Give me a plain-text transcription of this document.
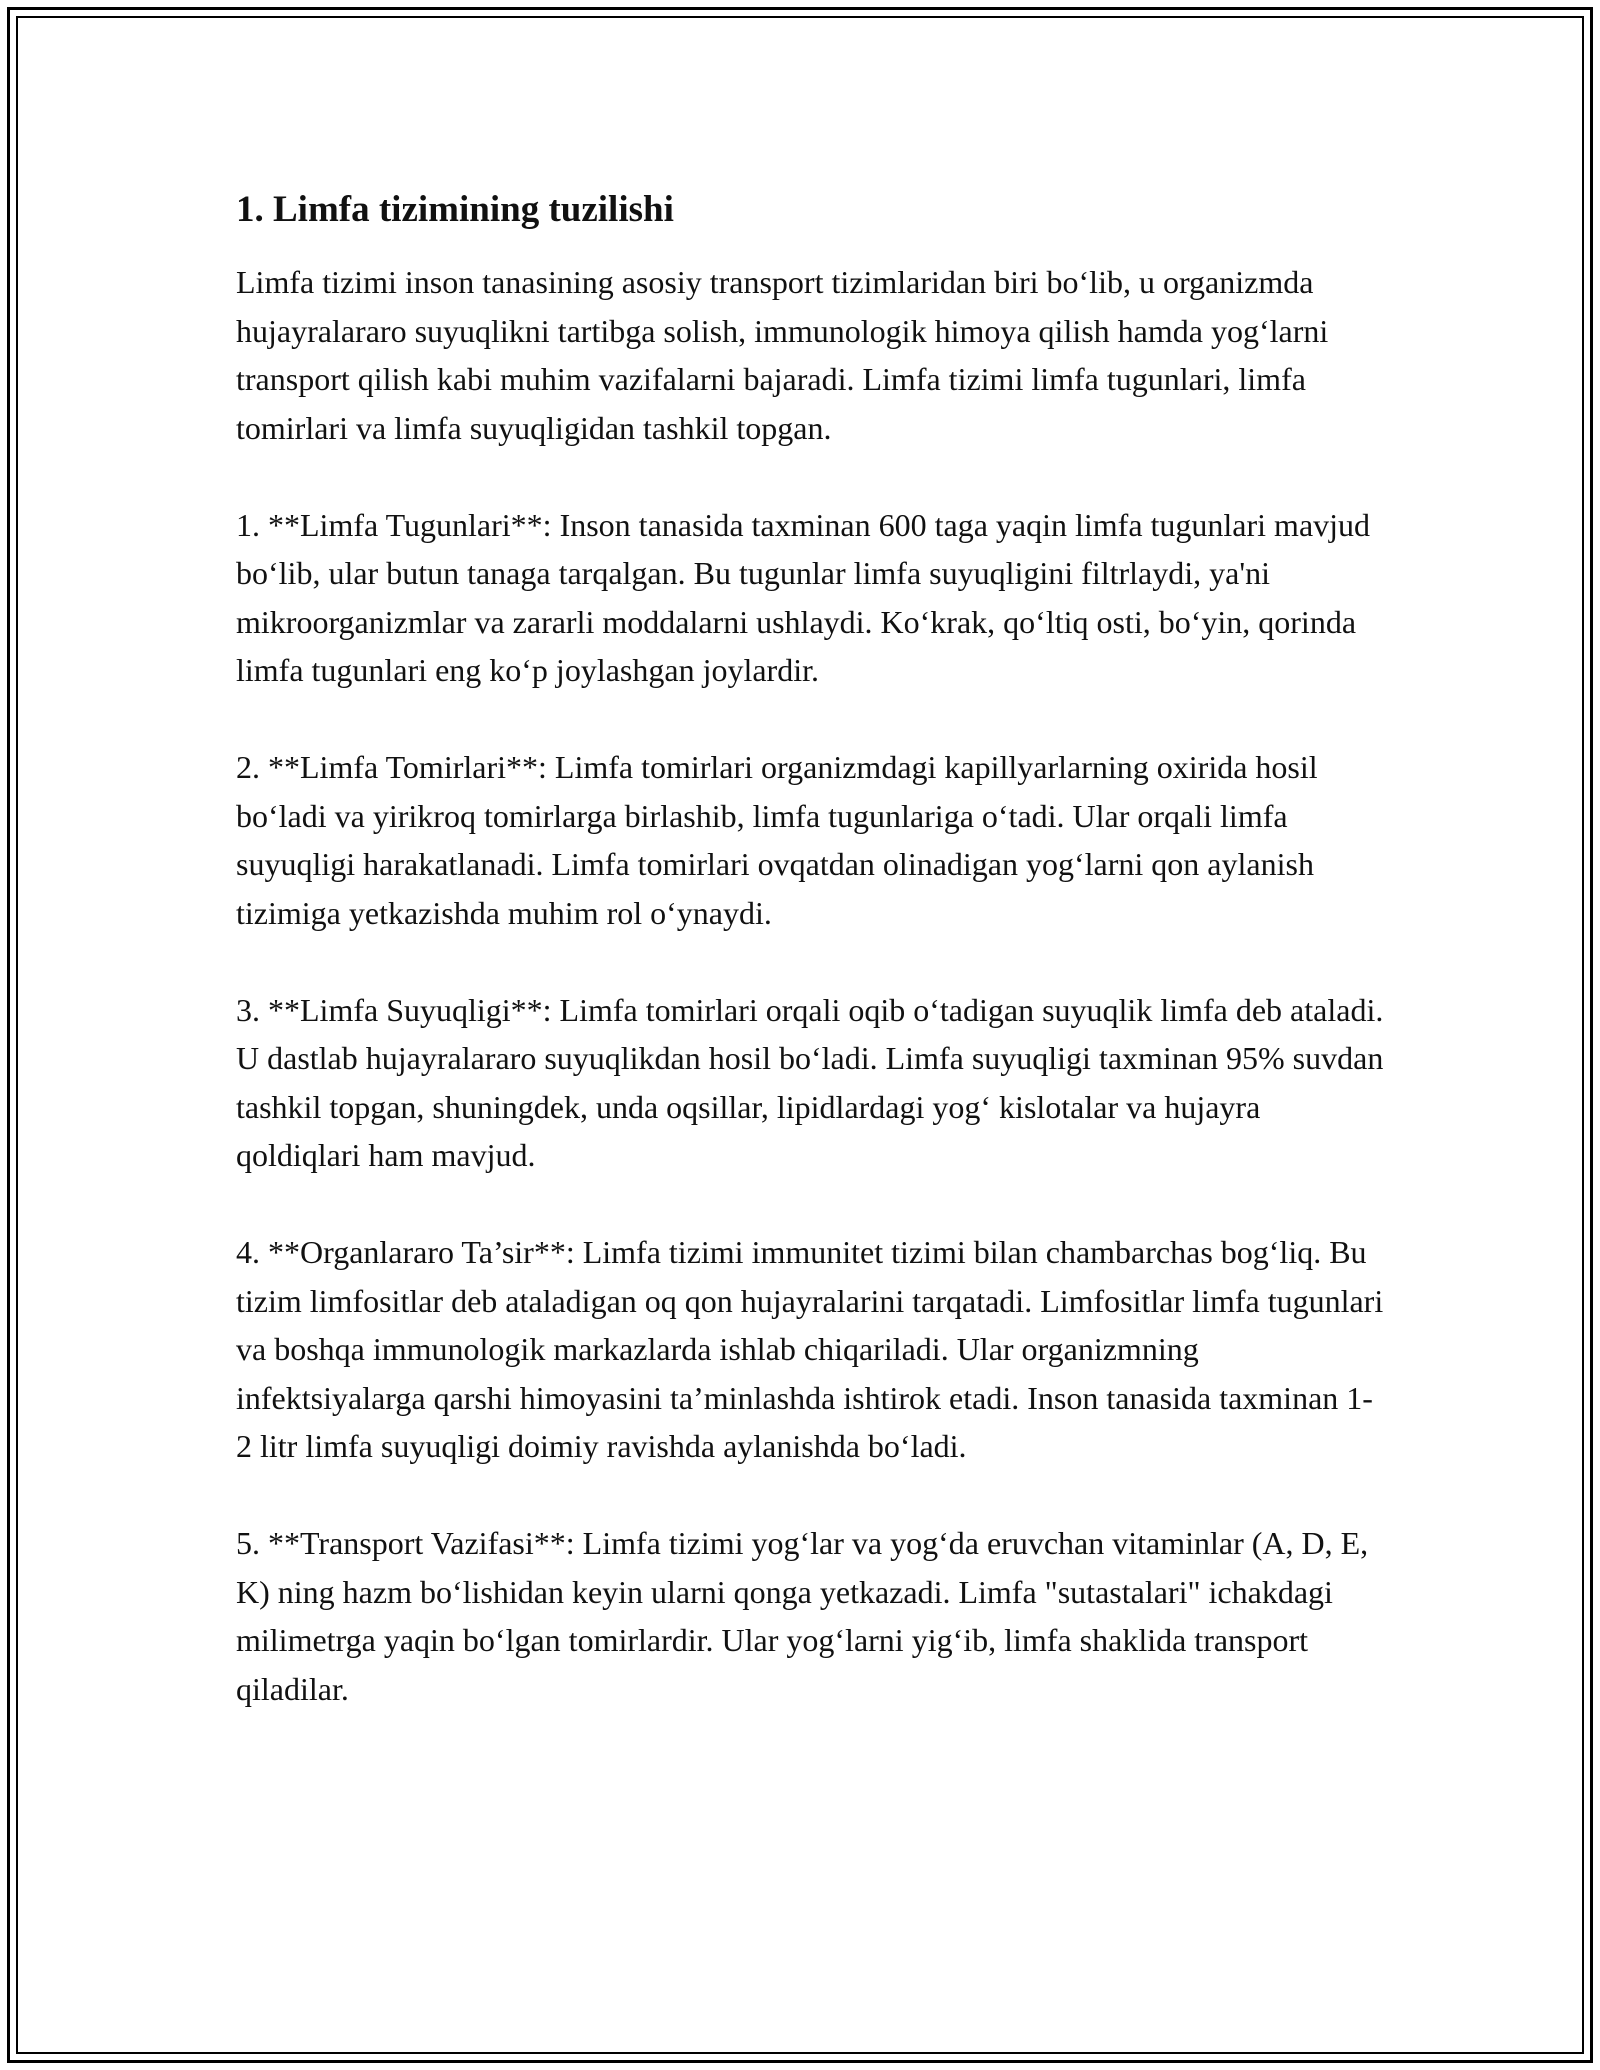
1. Limfa tizimining tuzilishi

Limfa tizimi inson tanasining asosiy transport tizimlaridan biri bo‘lib, u organizmda hujayralararo suyuqlikni tartibga solish, immunologik himoya qilish hamda yog‘larni transport qilish kabi muhim vazifalarni bajaradi. Limfa tizimi limfa tugunlari, limfa tomirlari va limfa suyuqligidan tashkil topgan.

1. **Limfa Tugunlari**: Inson tanasida taxminan 600 taga yaqin limfa tugunlari mavjud bo‘lib, ular butun tanaga tarqalgan. Bu tugunlar limfa suyuqligini filtrlaydi, ya'ni mikroorganizmlar va zararli moddalarni ushlaydi. Ko‘krak, qo‘ltiq osti, bo‘yin, qorinda limfa tugunlari eng ko‘p joylashgan joylardir.

2. **Limfa Tomirlari**: Limfa tomirlari organizmdagi kapillyarlarning oxirida hosil bo‘ladi va yirikroq tomirlarga birlashib, limfa tugunlariga o‘tadi. Ular orqali limfa suyuqligi harakatlanadi. Limfa tomirlari ovqatdan olinadigan yog‘larni qon aylanish tizimiga yetkazishda muhim rol o‘ynaydi.

3. **Limfa Suyuqligi**: Limfa tomirlari orqali oqib o‘tadigan suyuqlik limfa deb ataladi. U dastlab hujayralararo suyuqlikdan hosil bo‘ladi. Limfa suyuqligi taxminan 95% suvdan tashkil topgan, shuningdek, unda oqsillar, lipidlardagi yog‘ kislotalar va hujayra qoldiqlari ham mavjud.

4. **Organlararo Ta’sir**: Limfa tizimi immunitet tizimi bilan chambarchas bog‘liq. Bu tizim limfositlar deb ataladigan oq qon hujayralarini tarqatadi. Limfositlar limfa tugunlari va boshqa immunologik markazlarda ishlab chiqariladi. Ular organizmning infektsiyalarga qarshi himoyasini ta’minlashda ishtirok etadi. Inson tanasida taxminan 1-2 litr limfa suyuqligi doimiy ravishda aylanishda bo‘ladi.

5. **Transport Vazifasi**: Limfa tizimi yog‘lar va yog‘da eruvchan vitaminlar (A, D, E, K) ning hazm bo‘lishidan keyin ularni qonga yetkazadi. Limfa "sutastalari" ichakdagi milimetrga yaqin bo‘lgan tomirlardir. Ular yog‘larni yig‘ib, limfa shaklida transport qiladilar.
